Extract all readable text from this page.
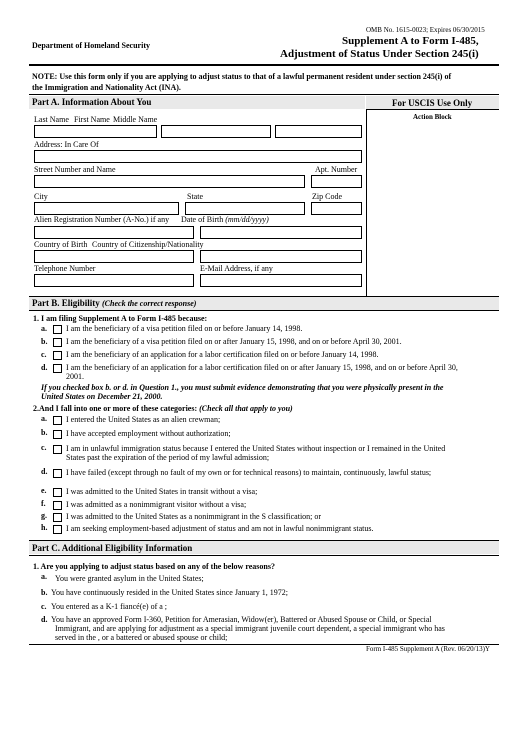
OMB No. 1615-0023; Expires 06/30/2015
Department of Homeland Security	Supplement A to Form I-485,
Adjustment of Status Under Section 245(i)
NOTE: Use this form only if you are applying to adjust status to that of a lawful permanent resident under section 245(i) of
the Immigration and Nationality Act (INA).
Part A. Information About You	For USCIS Use Only
Action Block
Last Name First Name Middle Name
Address: In Care Of
Street Number and Name	Apt. Number
City	State	Zip Code
Alien Registration Number (A-No.) if any Date of Birth (mm/dd/yyyy)
Country of Birth Country of Citizenship/Nationality
Telephone Number	E-Mail Address, if any
Part B. Eligibility (Check the correct response)
1. I am filing Supplement A to Form I-485 because:
a. I am the beneficiary of a visa petition filed on or before January 14, 1998.
b. I am the beneficiary of a visa petition filed on or after January 15, 1998, and on or before April 30, 2001.
c. I am the beneficiary of an application for a labor certification filed on or before January 14, 1998.
d. I am the beneficiary of an application for a labor certification filed on or after January 15, 1998, and on or before April 30,
2001.
If you checked box b. or d. in Question 1., you must submit evidence demonstrating that you were physically present in the
United States on December 21, 2000.
2.And I fall into one or more of these categories: (Check all that apply to you)
a. I entered the United States as an alien crewman;
b. I have accepted employment without authorization;
c. I am in unlawful immigration status because I entered the United States without inspection or I remained in the United
States past the expiration of the period of my lawful admission;
d. I have failed (except through no fault of my own or for technical reasons) to maintain, continuously, lawful status;
e. I was admitted to the United States in transit without a visa;
f.	I was admitted as a nonimmigrant visitor without a visa;
g. I was admitted to the United States as a nonimmigrant in the S classification; or
h. I am seeking employment-based adjustment of status and am not in lawful nonimmigrant status.
Part C. Additional Eligibility Information
1. Are you applying to adjust status based on any of the below reasons?
a. You were granted asylum in the United States;
b. You have continuously resided in the United States since January 1, 1972;
c. You entered as a K-1 fiancé(e) of a ;
d. You have an approved Form I-360, Petition for Amerasian, Widow(er), Battered or Abused Spouse or Child, or Special
Immigrant, and are applying for adjustment as a special immigrant juvenile court dependent, a special immigrant who has
served in the , or a battered or abused spouse or child;
Form I-485 Supplement A (Rev. 06/20/13)Y
